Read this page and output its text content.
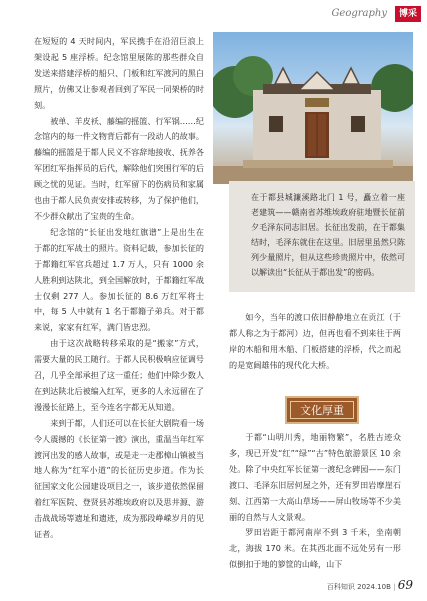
Geography	博采

在短短的 4 天时间内，军民携手在沿沼巨浪上架设起 5 座浮桥。纪念馆里展陈的那些群众自发送来搭建浮桥的船只、门板和红军渡河的黑白照片，仿佛又让参观者回到了军民一同架桥的时刻。

被单、羊皮袄、藤编的摇篮、行军锅……纪念馆内的每一件文物背后都有一段动人的故事。藤编的摇篮是于都人民义不容辞地接收、抚养各军团红军指挥员的后代，解除他们突围行军的后顾之忧的见证。当时，红军留下的伤病员和家属也由于都人民负责安排或转移，为了保护他们，不少群众献出了宝贵的生命。

纪念馆的“长征出发地红旗谱”上是出生在于都的红军战士的照片。资料记载，参加长征的于都籍红军官兵超过 1.7 万人，只有 1000 余人胜利到达陕北，到全国解放时，于都籍红军战士仅剩 277 人。参加长征的 8.6 万红军将士中，每 5 人中就有 1 名于都籍子弟兵。对于都来说，家家有红军，满门皆忠烈。

由于这次战略转移采取的是“搬家”方式，需要大量的民工随行。于都人民积极响应征调号召，几乎全部承担了这一重任；他们中除少数人在到达陕北后被编入红军，更多的人永远留在了漫漫长征路上，至今连名字都无从知道。

来到于都，人们还可以在长征大剧院看一场令人震撼的《长征第一渡》演出，重温当年红军渡河出发的感人故事，或是走一走郡樟山镇被当地人称为“红军小道”的长征历史步道。作为长征国家文化公园建设项目之一，该步道依然保留着红军医院、登贤县苏维埃政府以及思井源、游击战战场等遗址和遗迹，成为那段峥嵘岁月的见证者。

在于都县城濂溪路北门 1 号，矗立着一座老建筑——赣南省苏维埃政府驻地暨长征前夕毛泽东同志旧居。长征出发前，在于都集结时，毛泽东就住在这里。旧居里虽然只陈列少量照片，但从这些珍贵照片中，依然可以解读出“长征从于都出发”的密码。

如今，当年的渡口依旧静静地立在贡江（于都人称之为于都河）边，但再也看不到来往于两岸的木船和用木船、门板搭建的浮桥，代之而起的是宽阔雄伟的现代化大桥。

文化厚重

于都“山明川秀，地丽物繁”，名胜古迹众多，现已开发“红”“绿”“古”特色旅游景区 10 余处。除了中央红军长征第一渡纪念碑园——东门渡口、毛泽东旧居何屋之外，还有罗田岩摩崖石刻、江西第一大高山草场——屏山牧场等不少美丽的自然与人文景观。

罗田岩距于都河南岸不到 3 千米，坐南朝北，海拔 170 米。在其西北面不远处另有一形似倒扣于地的箩筐的山峰，山下

百科知识 2024.10B | 69
